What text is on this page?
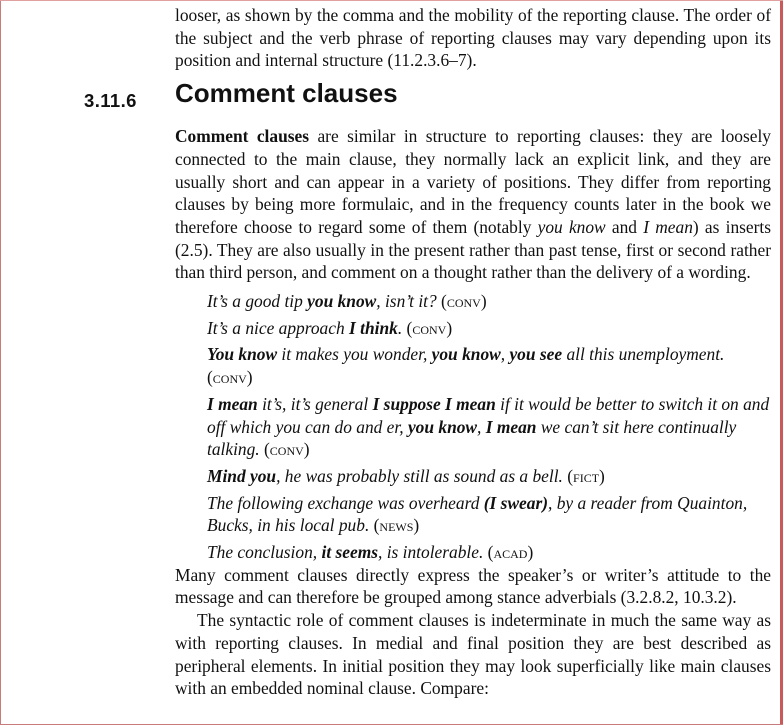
looser, as shown by the comma and the mobility of the reporting clause. The order of the subject and the verb phrase of reporting clauses may vary depending upon its position and internal structure (11.2.3.6–7).

3.11.6 Comment clauses

Comment clauses are similar in structure to reporting clauses: they are loosely connected to the main clause, they normally lack an explicit link, and they are usually short and can appear in a variety of positions. They differ from reporting clauses by being more formulaic, and in the frequency counts later in the book we therefore choose to regard some of them (notably you know and I mean) as inserts (2.5). They are also usually in the present rather than past tense, first or second rather than third person, and comment on a thought rather than the delivery of a wording.

It’s a good tip you know, isn’t it? (conv)

It’s a nice approach I think. (conv)

You know it makes you wonder, you know, you see all this unemployment. (conv)

I mean it’s, it’s general I suppose I mean if it would be better to switch it on and off which you can do and er, you know, I mean we can’t sit here continually talking. (conv)

Mind you, he was probably still as sound as a bell. (fict)

The following exchange was overheard (I swear), by a reader from Quainton, Bucks, in his local pub. (news)

The conclusion, it seems, is intolerable. (acad)

Many comment clauses directly express the speaker’s or writer’s attitude to the message and can therefore be grouped among stance adverbials (3.2.8.2, 10.3.2).

The syntactic role of comment clauses is indeterminate in much the same way as with reporting clauses. In medial and final position they are best described as peripheral elements. In initial position they may look superficially like main clauses with an embedded nominal clause. Compare:
